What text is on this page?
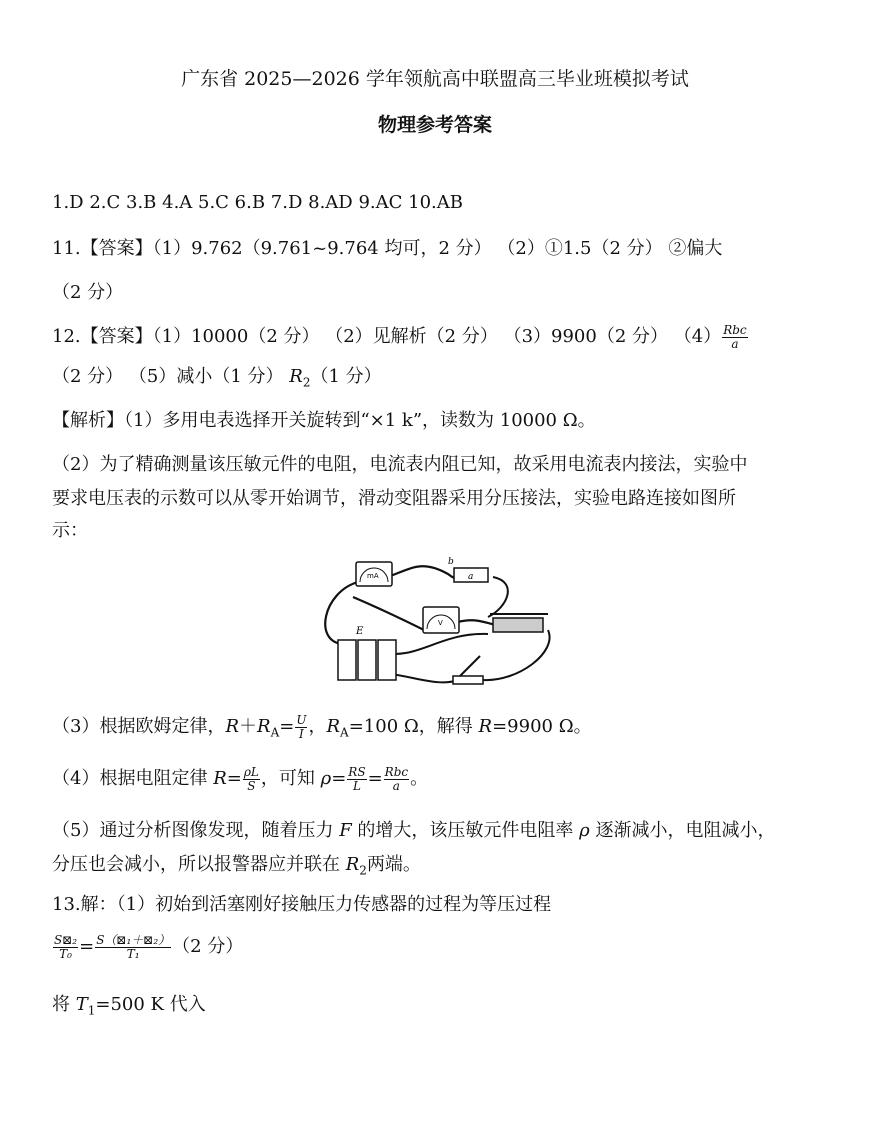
广东省 2025—2026 学年领航高中联盟高三毕业班模拟考试
物理参考答案
1.D 2.C 3.B 4.A 5.C 6.B 7.D 8.AD 9.AC 10.AB
11.【答案】（1）9.762（9.761~9.764 均可，2 分） （2）①1.5（2 分） ②偏大
（2 分）
12.【答案】（1）10000（2 分） （2）见解析（2 分） （3）9900（2 分） $(4) \frac{\text{Rbc}}{a}$
（2 分） （5）减小（1 分） $R_2(1$ 分）
【解析】（1）多用电表选择开关旋转到“×1 k”，读数为 10000 Ω。
（2）为了精确测量该压敏元件的电阻，电流表内阻已知，故采用电流表内接法，实验中
要求电压表的示数可以从零开始调节，滑动变阻器采用分压接法，实验电路连接如图所
示：
mA	a
b
V
E
（3）根据欧姆定律，$R+R_A= \frac{U}{I}$ ，$R_A=100$ Ω，解得 R=9900 Ω。
（4）根据电阻定律 $R= \frac{\rho L}{S}$ ，可知 $\rho= \frac{RS}{L} = \frac{\text{Rbc}}{a}$ 。
（5）通过分析图像发现，随着压力 F 的增大，该压敏元件电阻率 ρ 逐渐减小，电阻减小，
分压也会减小，所以报警器应并联在 $R_2$两端。
13.解：（1）初始到活塞刚好接触压力传感器的过程为等压过程
$\frac{\text{S⊠₂}}{\text{T₀}} = \frac{\text{S（⊠₁＋⊠₂）}}{\text{T₁}} (2$ 分）
将 $T_1=500$ K 代入
